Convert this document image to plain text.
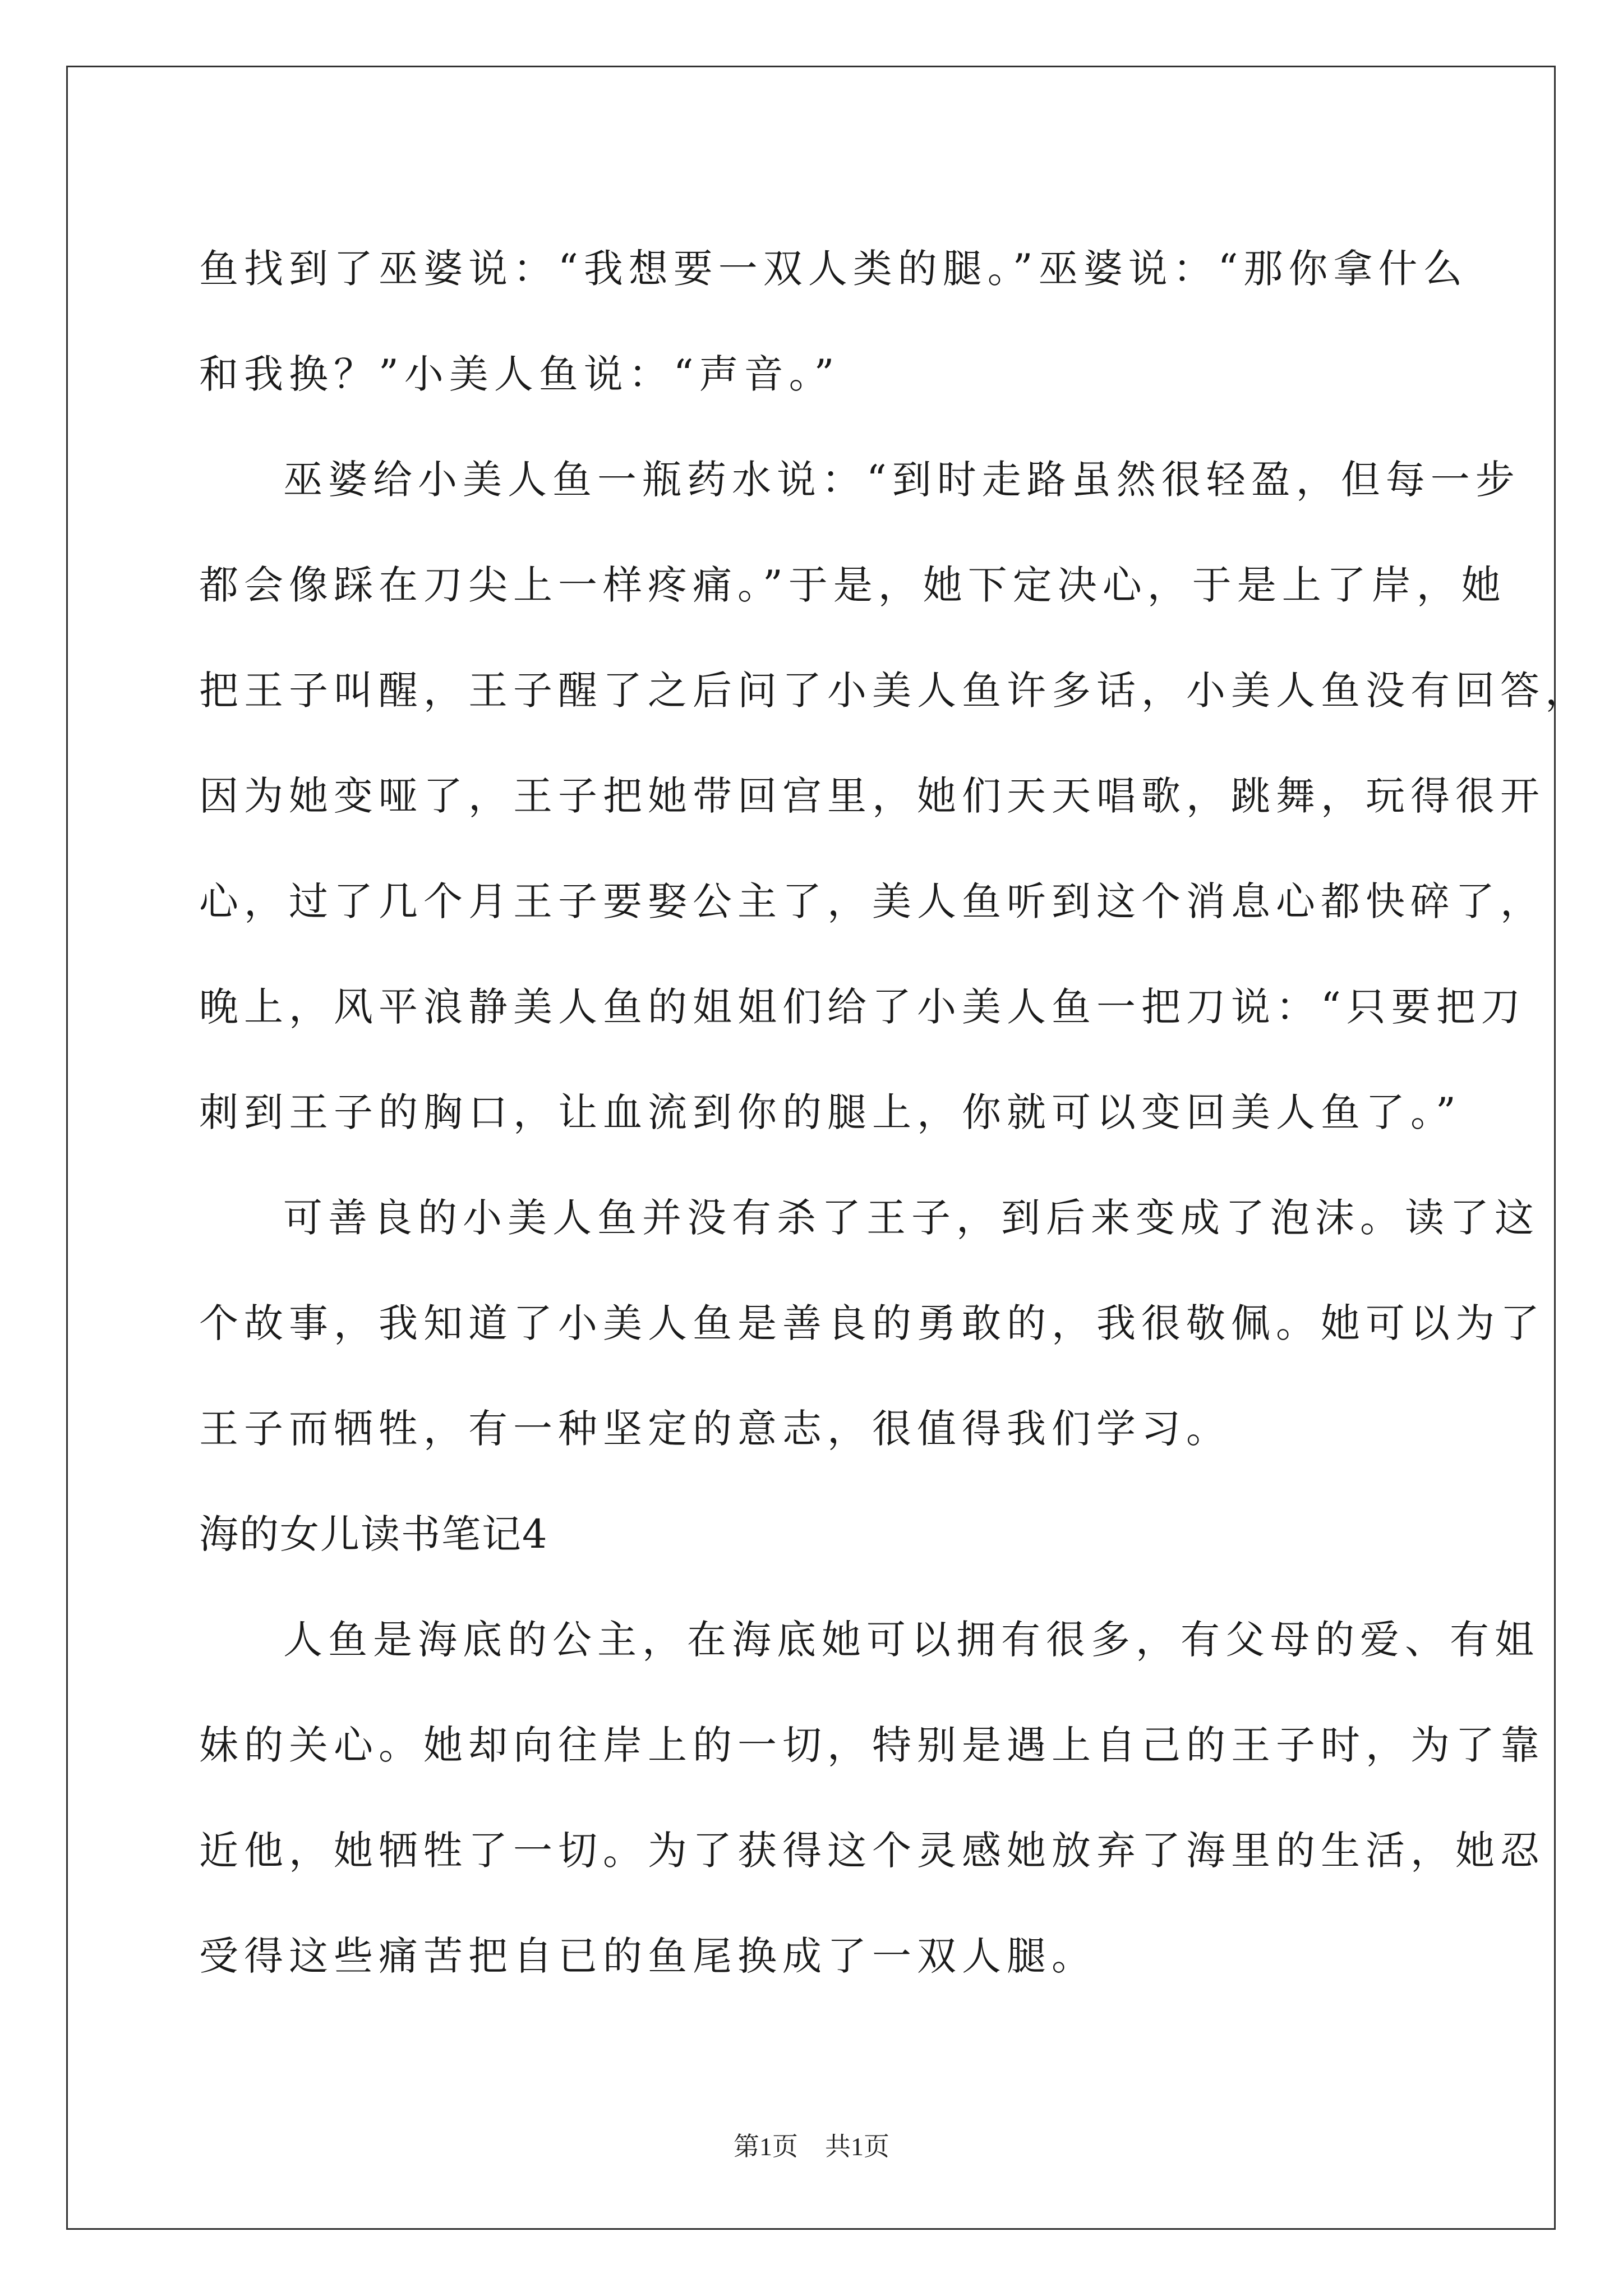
鱼找到了巫婆说：“我想要一双人类的腿。”巫婆说：“那你拿什么

和我换？”小美人鱼说：“声音。”

巫婆给小美人鱼一瓶药水说：“到时走路虽然很轻盈，但每一步

都会像踩在刀尖上一样疼痛。”于是，她下定决心，于是上了岸，她

把王子叫醒，王子醒了之后问了小美人鱼许多话，小美人鱼没有回答，

因为她变哑了，王子把她带回宫里，她们天天唱歌，跳舞，玩得很开

心，过了几个月王子要娶公主了，美人鱼听到这个消息心都快碎了，

晚上，风平浪静美人鱼的姐姐们给了小美人鱼一把刀说：“只要把刀

刺到王子的胸口，让血流到你的腿上，你就可以变回美人鱼了。”

可善良的小美人鱼并没有杀了王子，到后来变成了泡沫。读了这

个故事，我知道了小美人鱼是善良的勇敢的，我很敬佩。她可以为了

王子而牺牲，有一种坚定的意志，很值得我们学习。

海的女儿读书笔记4

人鱼是海底的公主，在海底她可以拥有很多，有父母的爱、有姐

妹的关心。她却向往岸上的一切，特别是遇上自己的王子时，为了靠

近他，她牺牲了一切。为了获得这个灵感她放弃了海里的生活，她忍

受得这些痛苦把自已的鱼尾换成了一双人腿。

第1页 共1页
